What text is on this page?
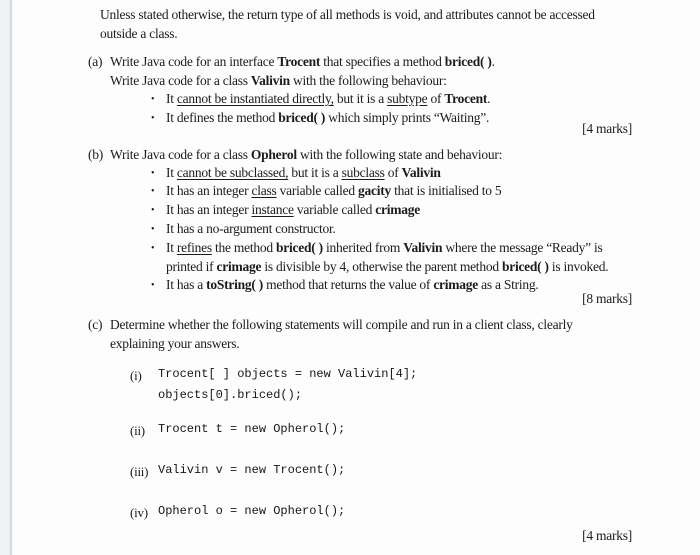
Unless stated otherwise, the return type of all methods is void, and attributes cannot be accessed
outside a class.
(a) Write Java code for an interface Trocent that specifies a method briced( ).
Write Java code for a class Valivin with the following behaviour:
• It cannot be instantiated directly, but it is a subtype of Trocent.
• It defines the method briced( ) which simply prints “Waiting”.
[4 marks]
(b) Write Java code for a class Opherol with the following state and behaviour:
• It cannot be subclassed, but it is a subclass of Valivin
• It has an integer class variable called gacity that is initialised to 5
• It has an integer instance variable called crimage
• It has a no-argument constructor.
• It refines the method briced( ) inherited from Valivin where the message “Ready” is
printed if crimage is divisible by 4, otherwise the parent method briced( ) is invoked.
• It has a toString( ) method that returns the value of crimage as a String.
[8 marks]
(c) Determine whether the following statements will compile and run in a client class, clearly
explaining your answers.
(i)	Trocent[ ] objects = new Valivin[4];
objects[0].briced();
(ii)	Trocent t = new Opherol();
(iii) Valivin v = new Trocent();
(iv) Opherol o = new Opherol();
[4 marks]
